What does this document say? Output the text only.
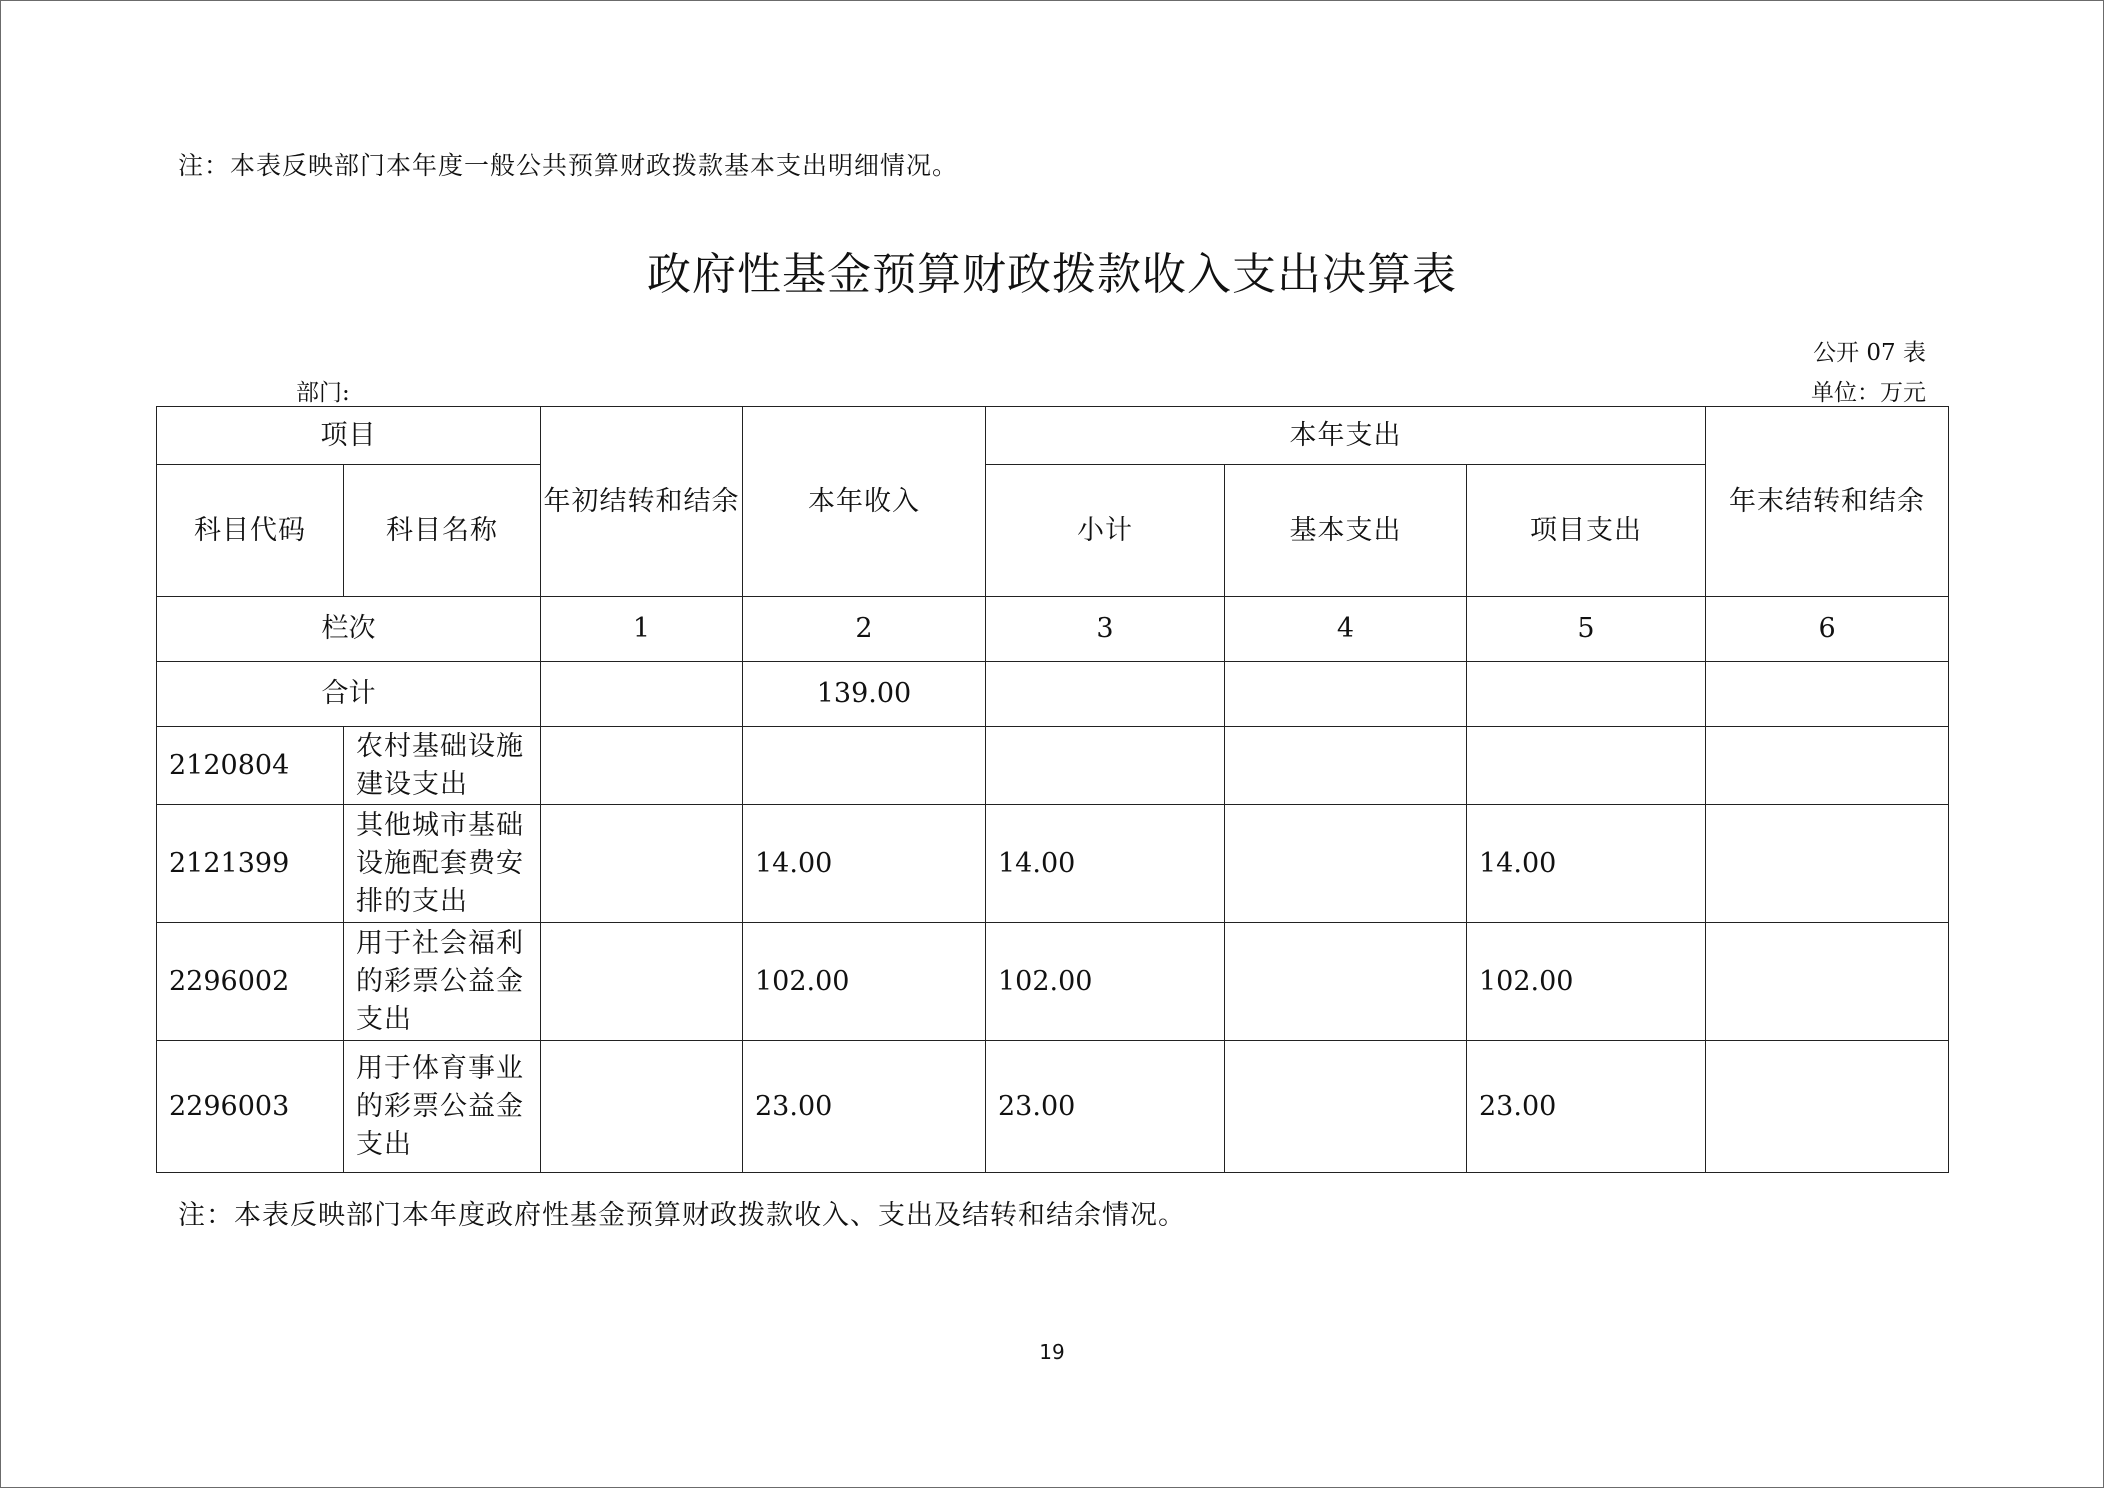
注：本表反映部门本年度一般公共预算财政拨款基本支出明细情况。
政府性基金预算财政拨款收入支出决算表
公开 07 表
部门:	单位：万元
项目		年初结转和结余	本年收入	本年支出			年末结转和结余
科目代码	科目名称			小计	基本支出	项目支出	
栏次		1	2	3	4	5	6
合计			139.00				
2120804	农村基础设施
建设支出						

2121399	其他城市基础
设施配套费安
排的支出		14.00	14.00		14.00	
2296002	用于社会福利
的彩票公益金
支出		102.00	102.00		102.00	
2296003	用于体育事业
的彩票公益金
支出		23.00	23.00		23.00	
注：本表反映部门本年度政府性基金预算财政拨款收入、支出及结转和结余情况。
19
